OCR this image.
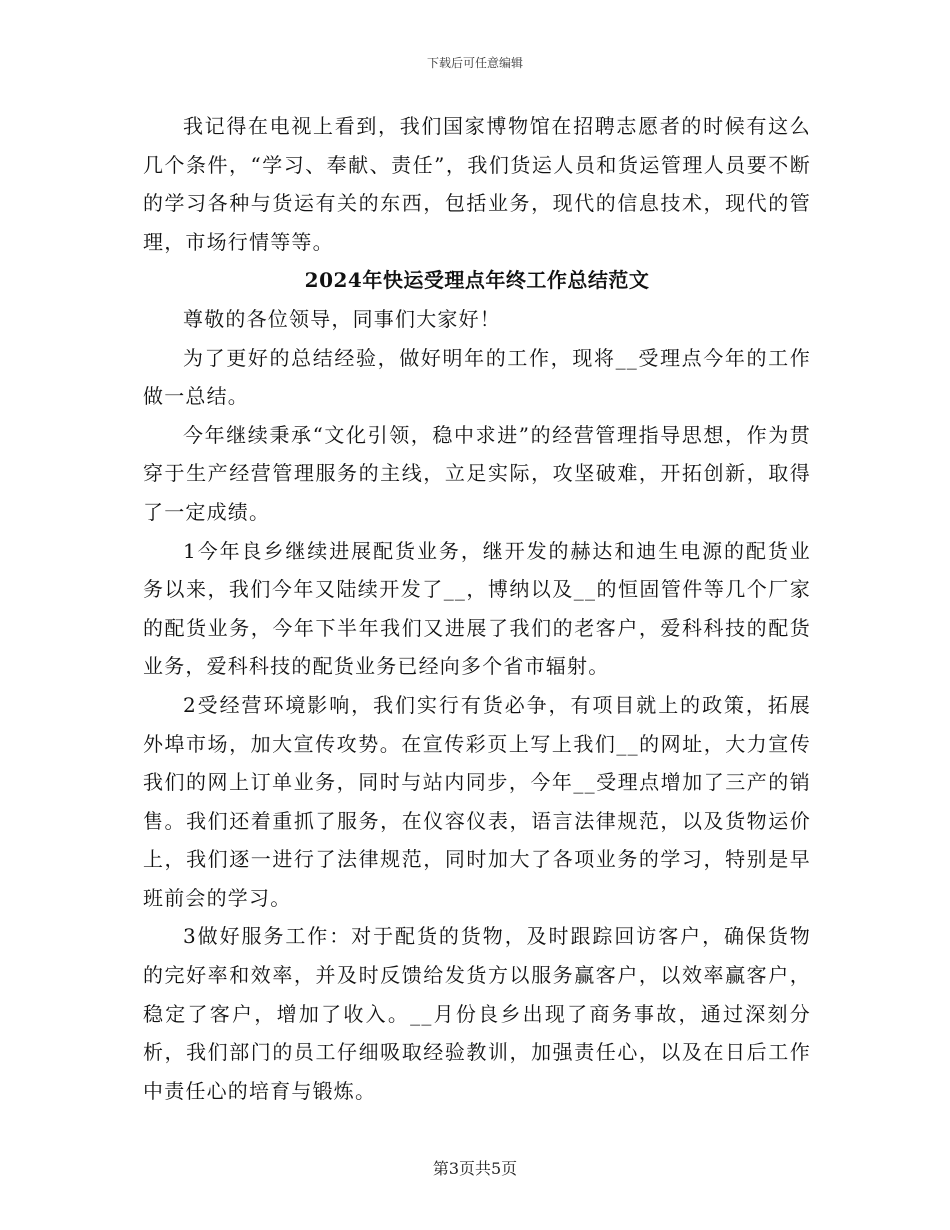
下载后可任意编辑

我记得在电视上看到，我们国家博物馆在招聘志愿者的时候有这么几个条件，“学习、奉献、责任”，我们货运人员和货运管理人员要不断的学习各种与货运有关的东西，包括业务，现代的信息技术，现代的管理，市场行情等等。

2024年快运受理点年终工作总结范文

尊敬的各位领导，同事们大家好！

为了更好的总结经验，做好明年的工作，现将__受理点今年的工作做一总结。

今年继续秉承“文化引领，稳中求进”的经营管理指导思想，作为贯穿于生产经营管理服务的主线，立足实际，攻坚破难，开拓创新，取得了一定成绩。

1今年良乡继续进展配货业务，继开发的赫达和迪生电源的配货业务以来，我们今年又陆续开发了__，博纳以及__的恒固管件等几个厂家的配货业务，今年下半年我们又进展了我们的老客户，爱科科技的配货业务，爱科科技的配货业务已经向多个省市辐射。

2受经营环境影响，我们实行有货必争，有项目就上的政策，拓展外埠市场，加大宣传攻势。在宣传彩页上写上我们__的网址，大力宣传我们的网上订单业务，同时与站内同步，今年__受理点增加了三产的销售。我们还着重抓了服务，在仪容仪表，语言法律规范，以及货物运价上，我们逐一进行了法律规范，同时加大了各项业务的学习，特别是早班前会的学习。

3做好服务工作：对于配货的货物，及时跟踪回访客户，确保货物的完好率和效率，并及时反馈给发货方以服务赢客户，以效率赢客户，稳定了客户，增加了收入。__月份良乡出现了商务事故，通过深刻分析，我们部门的员工仔细吸取经验教训，加强责任心，以及在日后工作中责任心的培育与锻炼。

第3页共5页
